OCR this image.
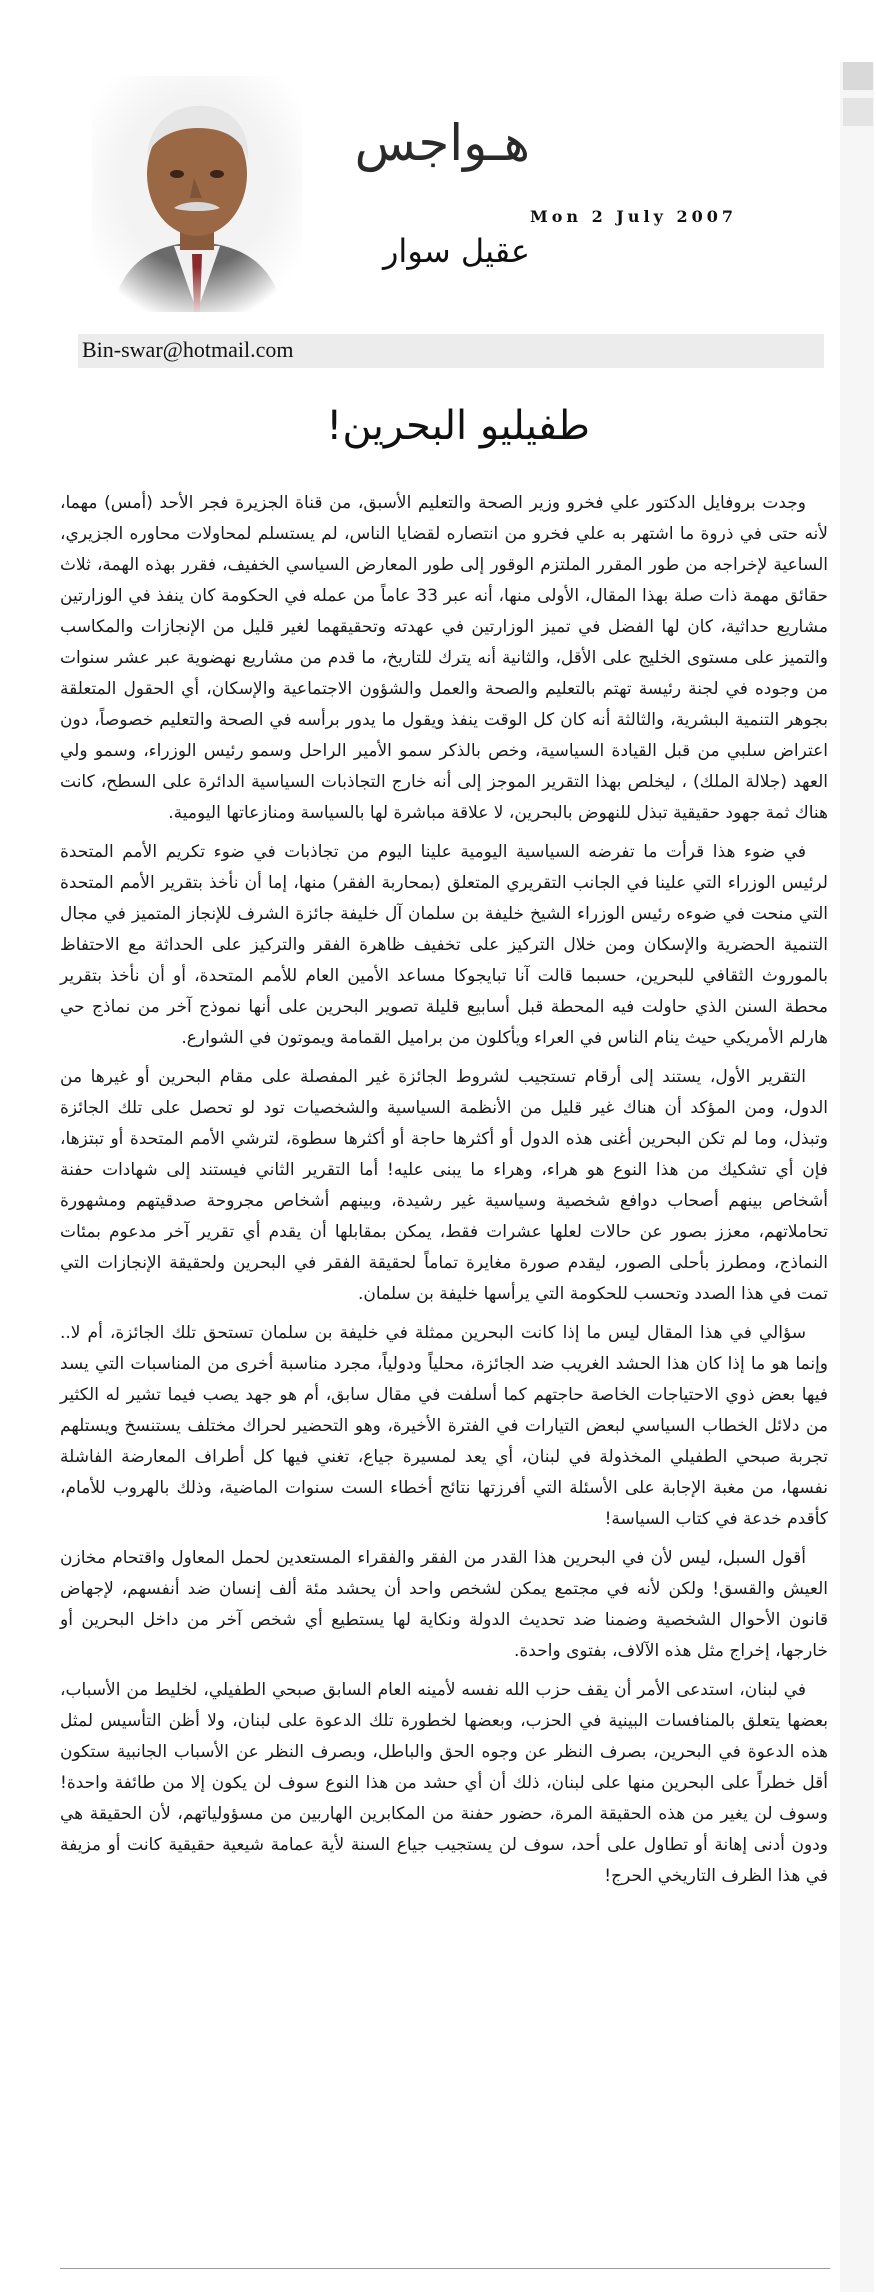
هـواجس
Mon 2 July 2007
عقيل سوار
Bin-swar@hotmail.com
طفيليو البحرين!

وجدت بروفايل الدكتور علي فخرو وزير الصحة والتعليم الأسبق، من قناة الجزيرة فجر الأحد (أمس) مهما، لأنه حتى في ذروة ما اشتهر به علي فخرو من انتصاره لقضايا الناس، لم يستسلم لمحاولات محاوره الجزيري، الساعية لإخراجه من طور المقرر الملتزم الوقور إلى طور المعارض السياسي الخفيف، فقرر بهذه الهمة، ثلاث حقائق مهمة ذات صلة بهذا المقال، الأولى منها، أنه عبر 33 عاماً من عمله في الحكومة كان ينفذ في الوزارتين مشاريع حداثية، كان لها الفضل في تميز الوزارتين في عهدته وتحقيقهما لغير قليل من الإنجازات والمكاسب والتميز على مستوى الخليج على الأقل، والثانية أنه يترك للتاريخ، ما قدم من مشاريع نهضوية عبر عشر سنوات من وجوده في لجنة رئيسة تهتم بالتعليم والصحة والعمل والشؤون الاجتماعية والإسكان، أي الحقول المتعلقة بجوهر التنمية البشرية، والثالثة أنه كان كل الوقت ينفذ ويقول ما يدور برأسه في الصحة والتعليم خصوصاً، دون اعتراض سلبي من قبل القيادة السياسية، وخص بالذكر سمو الأمير الراحل وسمو رئيس الوزراء، وسمو ولي العهد (جلالة الملك) ، ليخلص بهذا التقرير الموجز إلى أنه خارج التجاذبات السياسية الدائرة على السطح، كانت هناك ثمة جهود حقيقية تبذل للنهوض بالبحرين، لا علاقة مباشرة لها بالسياسة ومنازعاتها اليومية.

في ضوء هذا قرأت ما تفرضه السياسية اليومية علينا اليوم من تجاذبات في ضوء تكريم الأمم المتحدة لرئيس الوزراء التي علينا في الجانب التقريري المتعلق (بمحاربة الفقر) منها، إما أن نأخذ بتقرير الأمم المتحدة التي منحت في ضوءه رئيس الوزراء الشيخ خليفة بن سلمان آل خليفة جائزة الشرف للإنجاز المتميز في مجال التنمية الحضرية والإسكان ومن خلال التركيز على تخفيف ظاهرة الفقر والتركيز على الحداثة مع الاحتفاظ بالموروث الثقافي للبحرين، حسبما قالت آنا تبايجوكا مساعد الأمين العام للأمم المتحدة، أو أن نأخذ بتقرير محطة السنن الذي حاولت فيه المحطة قبل أسابيع قليلة تصوير البحرين على أنها نموذج آخر من نماذج حي هارلم الأمريكي حيث ينام الناس في العراء ويأكلون من براميل القمامة ويموتون في الشوارع.

التقرير الأول، يستند إلى أرقام تستجيب لشروط الجائزة غير المفصلة على مقام البحرين أو غيرها من الدول، ومن المؤكد أن هناك غير قليل من الأنظمة السياسية والشخصيات تود لو تحصل على تلك الجائزة وتبذل، وما لم تكن البحرين أغنى هذه الدول أو أكثرها حاجة أو أكثرها سطوة، لترشي الأمم المتحدة أو تبتزها، فإن أي تشكيك من هذا النوع هو هراء، وهراء ما يبنى عليه! أما التقرير الثاني فيستند إلى شهادات حفنة أشخاص بينهم أصحاب دوافع شخصية وسياسية غير رشيدة، وبينهم أشخاص مجروحة صدقيتهم ومشهورة تحاملاتهم، معزز بصور عن حالات لعلها عشرات فقط، يمكن بمقابلها أن يقدم أي تقرير آخر مدعوم بمئات النماذج، ومطرز بأحلى الصور، ليقدم صورة مغايرة تماماً لحقيقة الفقر في البحرين ولحقيقة الإنجازات التي تمت في هذا الصدد وتحسب للحكومة التي يرأسها خليفة بن سلمان.

سؤالي في هذا المقال ليس ما إذا كانت البحرين ممثلة في خليفة بن سلمان تستحق تلك الجائزة، أم لا.. وإنما هو ما إذا كان هذا الحشد الغريب ضد الجائزة، محلياً ودولياً، مجرد مناسبة أخرى من المناسبات التي يسد فيها بعض ذوي الاحتياجات الخاصة حاجتهم كما أسلفت في مقال سابق، أم هو جهد يصب فيما تشير له الكثير من دلائل الخطاب السياسي لبعض التيارات في الفترة الأخيرة، وهو التحضير لحراك مختلف يستنسخ ويستلهم تجربة صبحي الطفيلي المخذولة في لبنان، أي يعد لمسيرة جياع، تغني فيها كل أطراف المعارضة الفاشلة نفسها، من مغبة الإجابة على الأسئلة التي أفرزتها نتائج أخطاء الست سنوات الماضية، وذلك بالهروب للأمام، كأقدم خدعة في كتاب السياسة!

أقول السبل، ليس لأن في البحرين هذا القدر من الفقر والفقراء المستعدين لحمل المعاول واقتحام مخازن العيش والقسق! ولكن لأنه في مجتمع يمكن لشخص واحد أن يحشد مئة ألف إنسان ضد أنفسهم، لإجهاض قانون الأحوال الشخصية وضمنا ضد تحديث الدولة ونكاية لها يستطيع أي شخص آخر من داخل البحرين أو خارجها، إخراج مثل هذه الآلاف، بفتوى واحدة.

في لبنان، استدعى الأمر أن يقف حزب الله نفسه لأمينه العام السابق صبحي الطفيلي، لخليط من الأسباب، بعضها يتعلق بالمنافسات البينية في الحزب، وبعضها لخطورة تلك الدعوة على لبنان، ولا أظن التأسيس لمثل هذه الدعوة في البحرين، بصرف النظر عن وجوه الحق والباطل، وبصرف النظر عن الأسباب الجانبية ستكون أقل خطراً على البحرين منها على لبنان، ذلك أن أي حشد من هذا النوع سوف لن يكون إلا من طائفة واحدة! وسوف لن يغير من هذه الحقيقة المرة، حضور حفنة من المكابرين الهاربين من مسؤولياتهم، لأن الحقيقة هي ودون أدنى إهانة أو تطاول على أحد، سوف لن يستجيب جياع السنة لأية عمامة شيعية حقيقية كانت أو مزيفة في هذا الظرف التاريخي الحرج!
